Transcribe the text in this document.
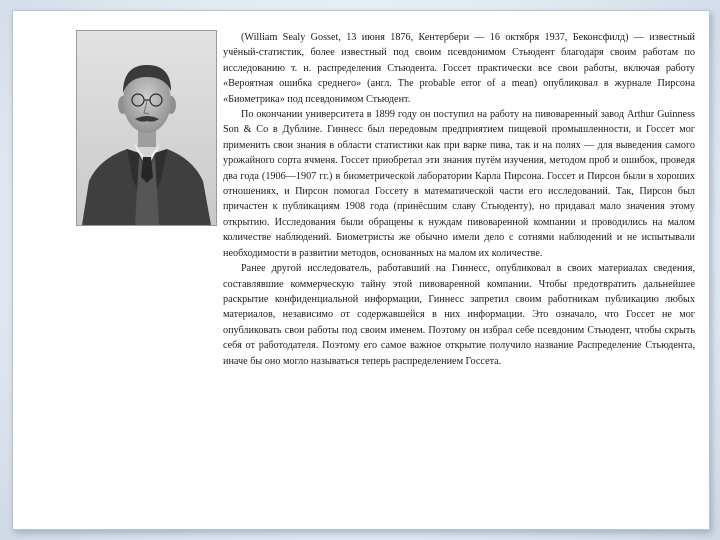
(William Sealy Gosset, 13 июня 1876, Кентербери — 16 октября 1937, Беконсфилд) — известный учёный-статистик, более известный под своим псевдонимом Стьюдент благодаря своим работам по исследованию т. н. распределения Стьюдента. Госсет практически все свои работы, включая работу «Вероятная ошибка среднего» (англ. The probable error of a mean) опубликовал в журнале Пирсона «Биометрика» под псевдонимом Стьюдент.

По окончании университета в 1899 году он поступил на работу на пивоваренный завод Arthur Guinness Son & Co в Дублине. Гиннесс был передовым предприятием пищевой промышленности, и Госсет мог применить свои знания в области статистики как при варке пива, так и на полях — для выведения самого урожайного сорта ячменя. Госсет приобретал эти знания путём изучения, методом проб и ошибок, проведя два года (1906—1907 гг.) в биометрической лаборатории Карла Пирсона. Госсет и Пирсон были в хороших отношениях, и Пирсон помогал Госсету в математической части его исследований. Так, Пирсон был причастен к публикациям 1908 года (принёсшим славу Стьюденту), но придавал мало значения этому открытию. Исследования были обращены к нуждам пивоваренной компании и проводились на малом количестве наблюдений. Биометристы же обычно имели дело с сотнями наблюдений и не испытывали необходимости в развитии методов, основанных на малом их количестве.

Ранее другой исследователь, работавший на Гиннесс, опубликовал в своих материалах сведения, составлявшие коммерческую тайну этой пивоваренной компании. Чтобы предотвратить дальнейшее раскрытие конфиденциальной информации, Гиннесс запретил своим работникам публикацию любых материалов, независимо от содержавшейся в них информации. Это означало, что Госсет не мог опубликовать свои работы под своим именем. Поэтому он избрал себе псевдоним Стьюдент, чтобы скрыть себя от работодателя. Поэтому его самое важное открытие получило название Распределение Стьюдента, иначе бы оно могло называться теперь распределением Госсета.
